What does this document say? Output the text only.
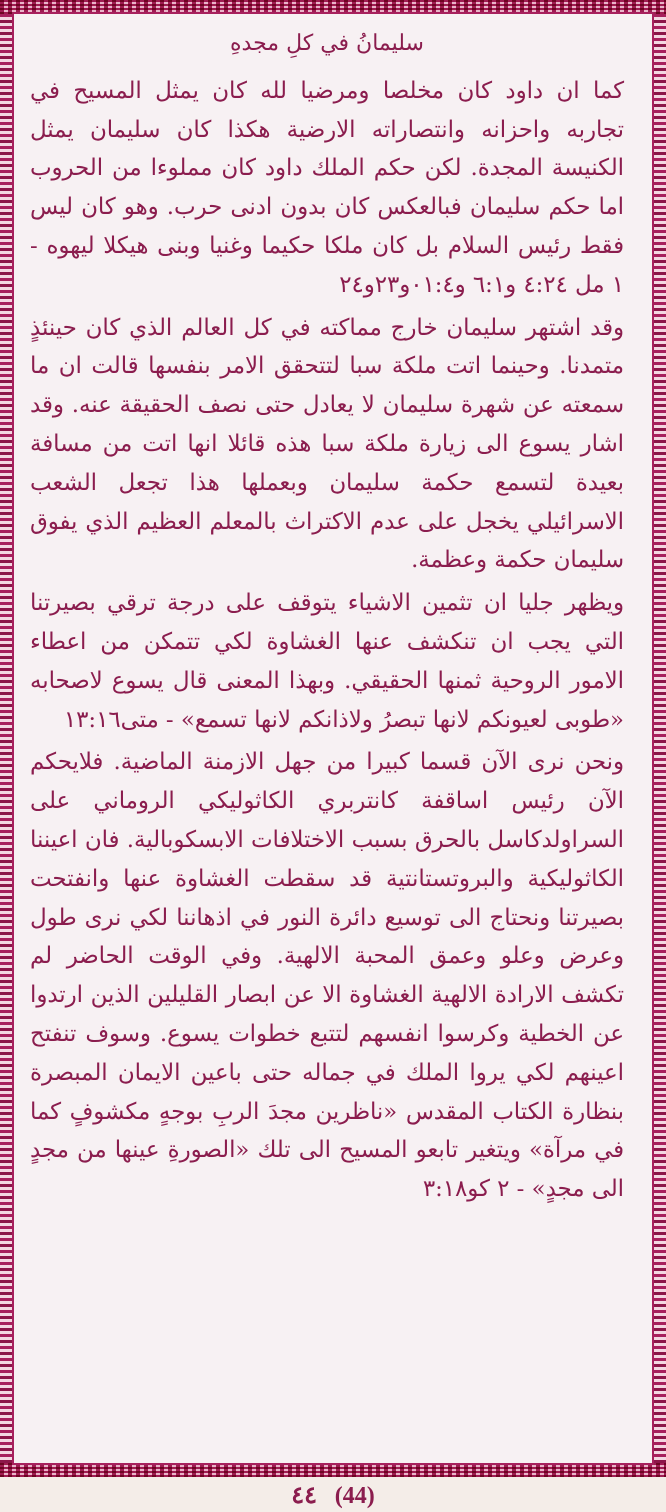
سليمانُ في كلِ مجدهِ

كما ان داود كان مخلصا ومرضيا لله كان يمثل المسيح في تجاربه واحزانه وانتصاراته الارضية هكذا كان سليمان يمثل الكنيسة المجدة. لكن حكم الملك داود كان مملوءا من الحروب اما حكم سليمان فبالعكس كان بدون ادنى حرب. وهو كان ليس فقط رئيس السلام بل كان ملكا حكيما وغنيا وبنى هيكلا ليهوه - ١ مل ٤:٢٤ و٦:١ و٠١:٤و٢٣و٢٤

وقد اشتهر سليمان خارج مماكته في كل العالم الذي كان حينئذٍ متمدنا. وحينما اتت ملكة سبا لتتحقق الامر بنفسها قالت ان ما سمعته عن شهرة سليمان لا يعادل حتى نصف الحقيقة عنه. وقد اشار يسوع الى زيارة ملكة سبا هذه قائلا انها اتت من مسافة بعيدة لتسمع حكمة سليمان وبعملها هذا تجعل الشعب الاسرائيلي يخجل على عدم الاكتراث بالمعلم العظيم الذي يفوق سليمان حكمة وعظمة.

ويظهر جليا ان تثمين الاشياء يتوقف على درجة ترقي بصيرتنا التي يجب ان تنكشف عنها الغشاوة لكي تتمكن من اعطاء الامور الروحية ثمنها الحقيقي. وبهذا المعنى قال يسوع لاصحابه «طوبى لعيونكم لانها تبصرُ ولاذانكم لانها تسمع» - متى١٣:١٦

ونحن نرى الآن قسما كبيرا من جهل الازمنة الماضية. فلايحكم الآن رئيس اساقفة كانتربري الكاثوليكي الروماني على السراولدكاسل بالحرق بسبب الاختلافات الابسكوبالية. فان اعيننا الكاثوليكية والبروتستانتية قد سقطت الغشاوة عنها وانفتحت بصيرتنا ونحتاج الى توسيع دائرة النور في اذهاننا لكي نرى طول وعرض وعلو وعمق المحبة الالهية. وفي الوقت الحاضر لم تكشف الارادة الالهية الغشاوة الا عن ابصار القليلين الذين ارتدوا عن الخطية وكرسوا انفسهم لتتبع خطوات يسوع. وسوف تنفتح اعينهم لكي يروا الملك في جماله حتى باعين الايمان المبصرة بنظارة الكتاب المقدس «ناظرين مجدَ الربِ بوجهٍ مكشوفٍ كما في مرآة» ويتغير تابعو المسيح الى تلك «الصورةِ عينها من مجدٍ الى مجدٍ» - ٢ كو٣:١٨

(44) ٤٤
